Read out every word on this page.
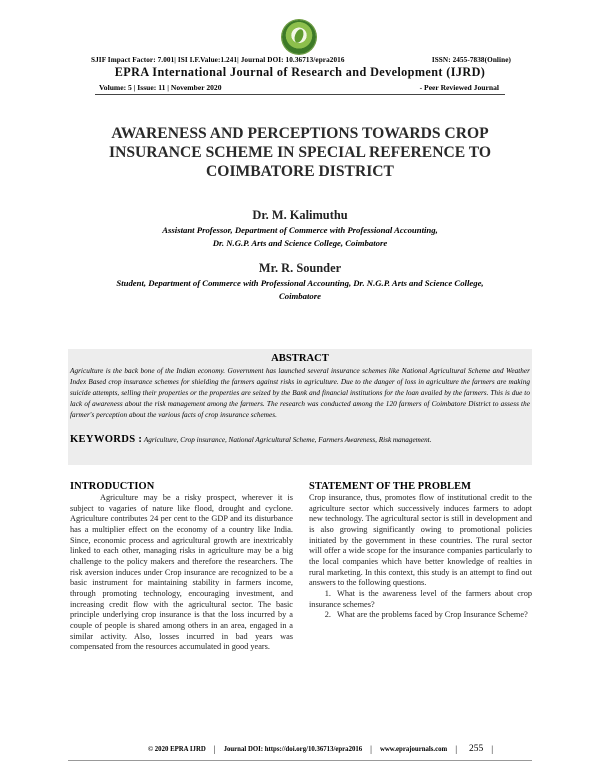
SJIF Impact Factor: 7.001| ISI I.F.Value:1.241| Journal DOI: 10.36713/epra2016	ISSN: 2455-7838(Online)
EPRA International Journal of Research and Development (IJRD)
Volume: 5 | Issue: 11 | November 2020	- Peer Reviewed Journal
AWARENESS AND PERCEPTIONS TOWARDS CROP
INSURANCE SCHEME IN SPECIAL REFERENCE TO
COIMBATORE DISTRICT
Dr. M. Kalimuthu
Assistant Professor, Department of Commerce with Professional Accounting,
Dr. N.G.P. Arts and Science College, Coimbatore
Mr. R. Sounder
Student, Department of Commerce with Professional Accounting, Dr. N.G.P. Arts and Science College,
Coimbatore
ABSTRACT
Agriculture is the back bone of the Indian economy. Government has launched several insurance schemes like National Agricultural Scheme and Weather Index Based crop insurance schemes for shielding the farmers against risks in agriculture. Due to the danger of loss in agriculture the farmers are making suicide attempts, selling their properties or the properties are seized by the Bank and financial institutions for the loan availed by the farmers. This is due to lack of awareness about the risk management among the farmers. The research was conducted among the 120 farmers of Coimbatore District to assess the farmer's perception about the various facts of crop insurance schemes.
KEYWORDS : Agriculture, Crop insurance, National Agricultural Scheme, Farmers Awareness, Risk management.
INTRODUCTION

Agriculture may be a risky prospect, wherever it is subject to vagaries of nature like flood, drought and cyclone. Agriculture contributes 24 per cent to the GDP and its disturbance has a multiplier effect on the economy of a country like India. Since, economic process and agricultural growth are inextricably linked to each other, managing risks in agriculture may be a big challenge to the policy makers and therefore the researchers. The risk aversion induces under Crop insurance are recognized to be a basic instrument for maintaining stability in farmers income, through promoting technology, encouraging investment, and increasing credit flow with the agricultural sector. The basic principle underlying crop insurance is that the loss incurred by a couple of people is shared among others in an area, engaged in a similar activity. Also, losses incurred in bad years was compensated from the resources accumulated in good years.

STATEMENT OF THE PROBLEM

Crop insurance, thus, promotes flow of institutional credit to the agriculture sector which successively induces farmers to adopt new technology. The agricultural sector is still in development and is also growing significantly owing to promotional policies initiated by the government in these countries. The rural sector will offer a wide scope for the insurance companies particularly to the local companies which have better knowledge of realties in rural marketing. In this context, this study is an attempt to find out answers to the following questions.

1. What is the awareness level of the farmers about crop insurance schemes?

2. What are the problems faced by Crop Insurance Scheme?

© 2020 EPRA IJRD | Journal DOI: https://doi.org/10.36713/epra2016 | www.eprajournals.com | 255 |
